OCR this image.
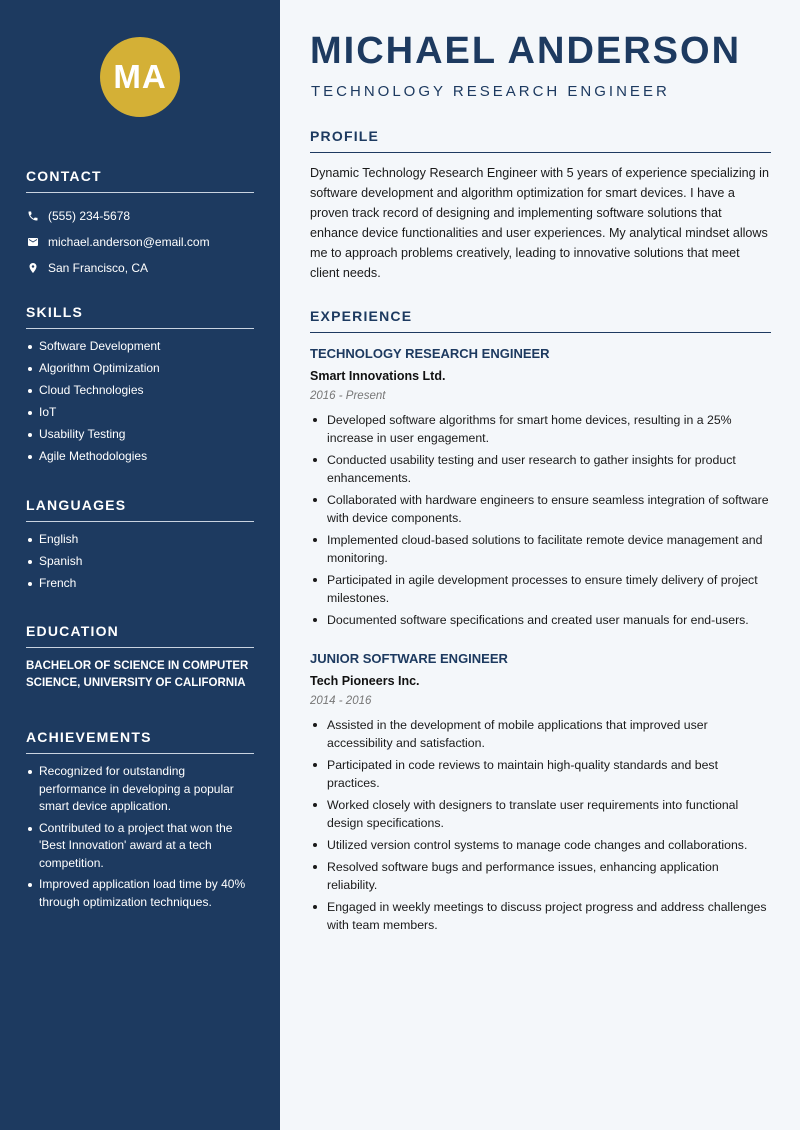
MA
CONTACT
(555) 234-5678
michael.anderson@email.com
San Francisco, CA
SKILLS
Software Development
Algorithm Optimization
Cloud Technologies
IoT
Usability Testing
Agile Methodologies
LANGUAGES
English
Spanish
French
EDUCATION
BACHELOR OF SCIENCE IN COMPUTER SCIENCE, UNIVERSITY OF CALIFORNIA
ACHIEVEMENTS
Recognized for outstanding performance in developing a popular smart device application.
Contributed to a project that won the 'Best Innovation' award at a tech competition.
Improved application load time by 40% through optimization techniques.
MICHAEL ANDERSON
TECHNOLOGY RESEARCH ENGINEER
PROFILE
Dynamic Technology Research Engineer with 5 years of experience specializing in software development and algorithm optimization for smart devices. I have a proven track record of designing and implementing software solutions that enhance device functionalities and user experiences. My analytical mindset allows me to approach problems creatively, leading to innovative solutions that meet client needs.
EXPERIENCE
TECHNOLOGY RESEARCH ENGINEER
Smart Innovations Ltd.
2016 - Present
Developed software algorithms for smart home devices, resulting in a 25% increase in user engagement.
Conducted usability testing and user research to gather insights for product enhancements.
Collaborated with hardware engineers to ensure seamless integration of software with device components.
Implemented cloud-based solutions to facilitate remote device management and monitoring.
Participated in agile development processes to ensure timely delivery of project milestones.
Documented software specifications and created user manuals for end-users.
JUNIOR SOFTWARE ENGINEER
Tech Pioneers Inc.
2014 - 2016
Assisted in the development of mobile applications that improved user accessibility and satisfaction.
Participated in code reviews to maintain high-quality standards and best practices.
Worked closely with designers to translate user requirements into functional design specifications.
Utilized version control systems to manage code changes and collaborations.
Resolved software bugs and performance issues, enhancing application reliability.
Engaged in weekly meetings to discuss project progress and address challenges with team members.
